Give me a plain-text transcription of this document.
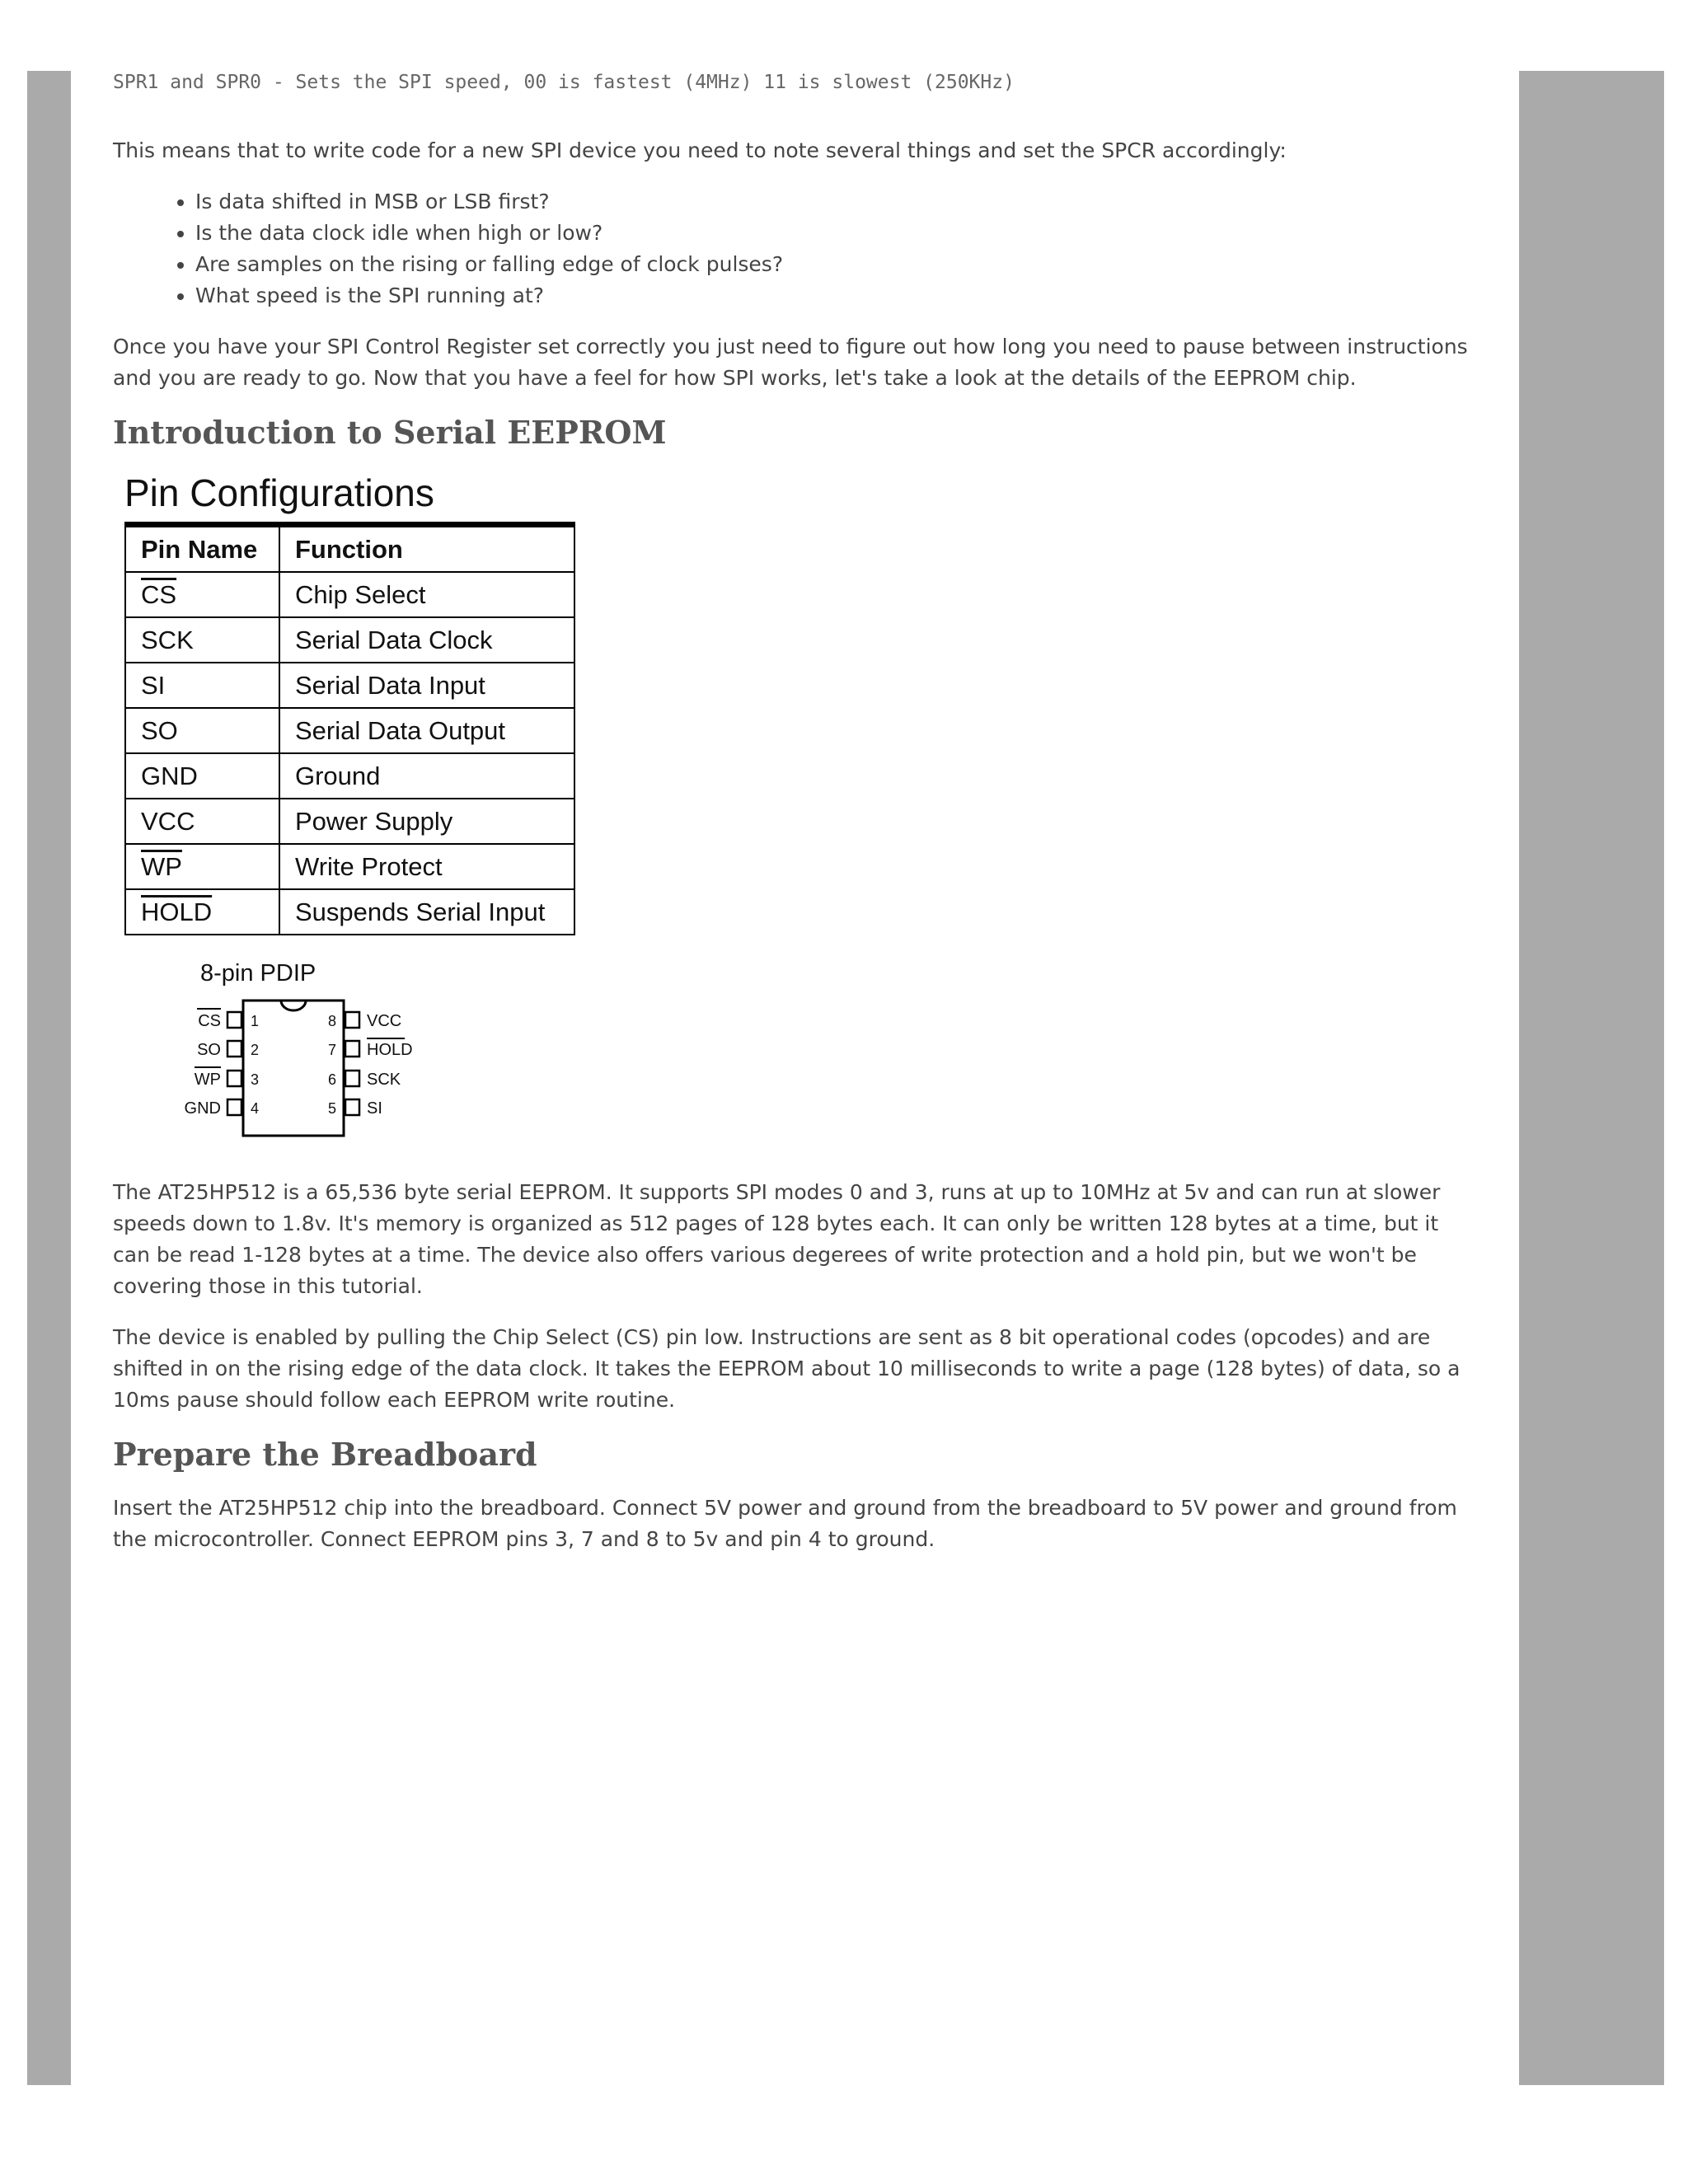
SPR1 and SPR0 - Sets the SPI speed, 00 is fastest (4MHz) 11 is slowest (250KHz)

This means that to write code for a new SPI device you need to note several things and set the SPCR accordingly:

• Is data shifted in MSB or LSB first?
• Is the data clock idle when high or low?
• Are samples on the rising or falling edge of clock pulses?
• What speed is the SPI running at?

Once you have your SPI Control Register set correctly you just need to figure out how long you need to pause between instructions and you are ready to go. Now that you have a feel for how SPI works, let's take a look at the details of the EEPROM chip.

Introduction to Serial EEPROM
Pin Configurations
Pin Name	Function
$\overline{CS}$	Chip Select
SCK	Serial Data Clock
SI	Serial Data Input
SO	Serial Data Output
GND	Ground
VCC	Power Supply
$\overline{WP}$	Write Protect
HOLD	Suspends Serial Input
8-pin PDIP
CS
SO
WP
GND
1
2
3
4
8
7
6
5
VCC
HOLD
SCK
SI

The AT25HP512 is a 65,536 byte serial EEPROM. It supports SPI modes 0 and 3, runs at up to 10MHz at 5v and can run at slower speeds down to 1.8v. It's memory is organized as 512 pages of 128 bytes each. It can only be written 128 bytes at a time, but it can be read 1-128 bytes at a time. The device also offers various degerees of write protection and a hold pin, but we won't be covering those in this tutorial.

The device is enabled by pulling the Chip Select (CS) pin low. Instructions are sent as 8 bit operational codes (opcodes) and are shifted in on the rising edge of the data clock. It takes the EEPROM about 10 milliseconds to write a page (128 bytes) of data, so a 10ms pause should follow each EEPROM write routine.

Prepare the Breadboard

Insert the AT25HP512 chip into the breadboard. Connect 5V power and ground from the breadboard to 5V power and ground from the microcontroller. Connect EEPROM pins 3, 7 and 8 to 5v and pin 4 to ground.
